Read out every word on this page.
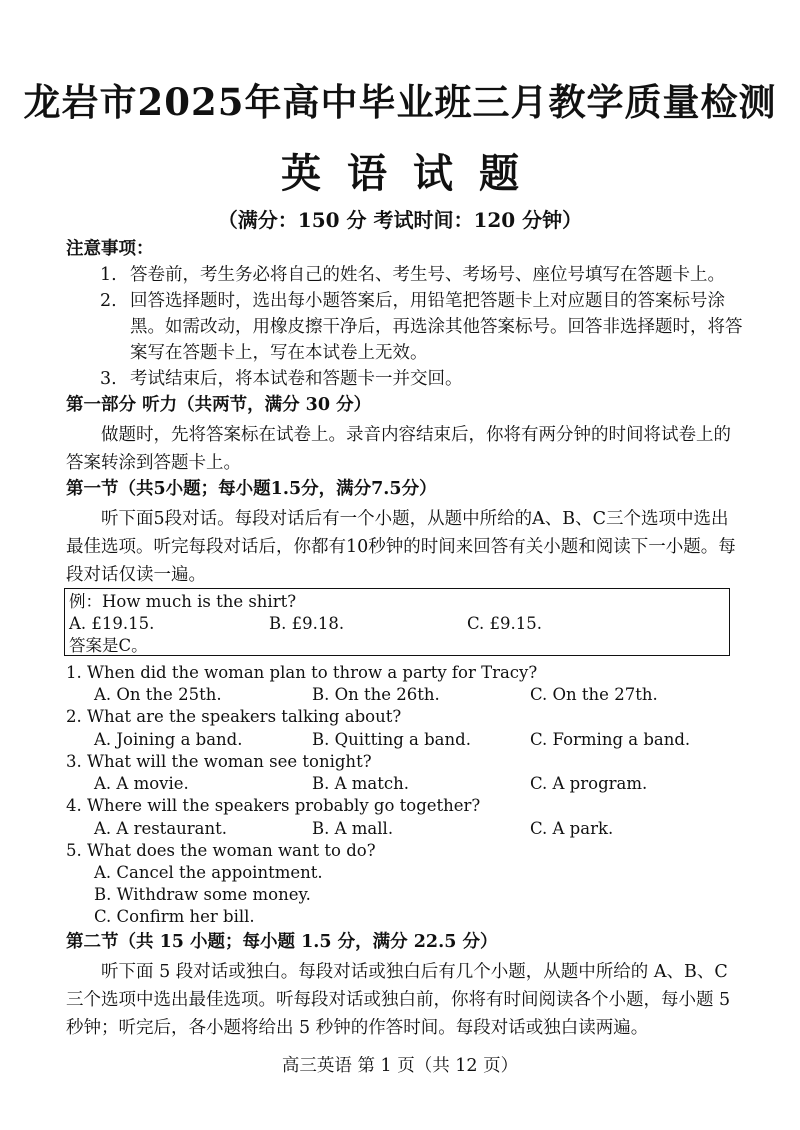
龙岩市2025年高中毕业班三月教学质量检测
英语试题
（满分：150 分 考试时间：120 分钟）
注意事项：
1. 答卷前，考生务必将自己的姓名、考生号、考场号、座位号填写在答题卡上。
2. 回答选择题时，选出每小题答案后，用铅笔把答题卡上对应题目的答案标号涂黑。如需改动，用橡皮擦干净后，再选涂其他答案标号。回答非选择题时，将答案写在答题卡上，写在本试卷上无效。
3. 考试结束后，将本试卷和答题卡一并交回。
第一部分 听力（共两节，满分 30 分）
做题时，先将答案标在试卷上。录音内容结束后，你将有两分钟的时间将试卷上的答案转涂到答题卡上。
第一节（共5小题；每小题1.5分，满分7.5分）
听下面5段对话。每段对话后有一个小题，从题中所给的A、B、C三个选项中选出最佳选项。听完每段对话后，你都有10秒钟的时间来回答有关小题和阅读下一小题。每段对话仅读一遍。
例：How much is the shirt?
A. £19.15.	B. £9.18.	C. £9.15.
答案是C。
1. When did the woman plan to throw a party for Tracy?
A. On the 25th.	B. On the 26th.	C. On the 27th.
2. What are the speakers talking about?
A. Joining a band.	B. Quitting a band.	C. Forming a band.
3. What will the woman see tonight?
A. A movie.	B. A match.	C. A program.
4. Where will the speakers probably go together?
A. A restaurant.	B. A mall.	C. A park.
5. What does the woman want to do?
A. Cancel the appointment.
B. Withdraw some money.
C. Confirm her bill.
第二节（共 15 小题；每小题 1.5 分，满分 22.5 分）
听下面 5 段对话或独白。每段对话或独白后有几个小题，从题中所给的 A、B、C 三个选项中选出最佳选项。听每段对话或独白前，你将有时间阅读各个小题，每小题 5 秒钟；听完后，各小题将给出 5 秒钟的作答时间。每段对话或独白读两遍。
高三英语 第 1 页（共 12 页）
